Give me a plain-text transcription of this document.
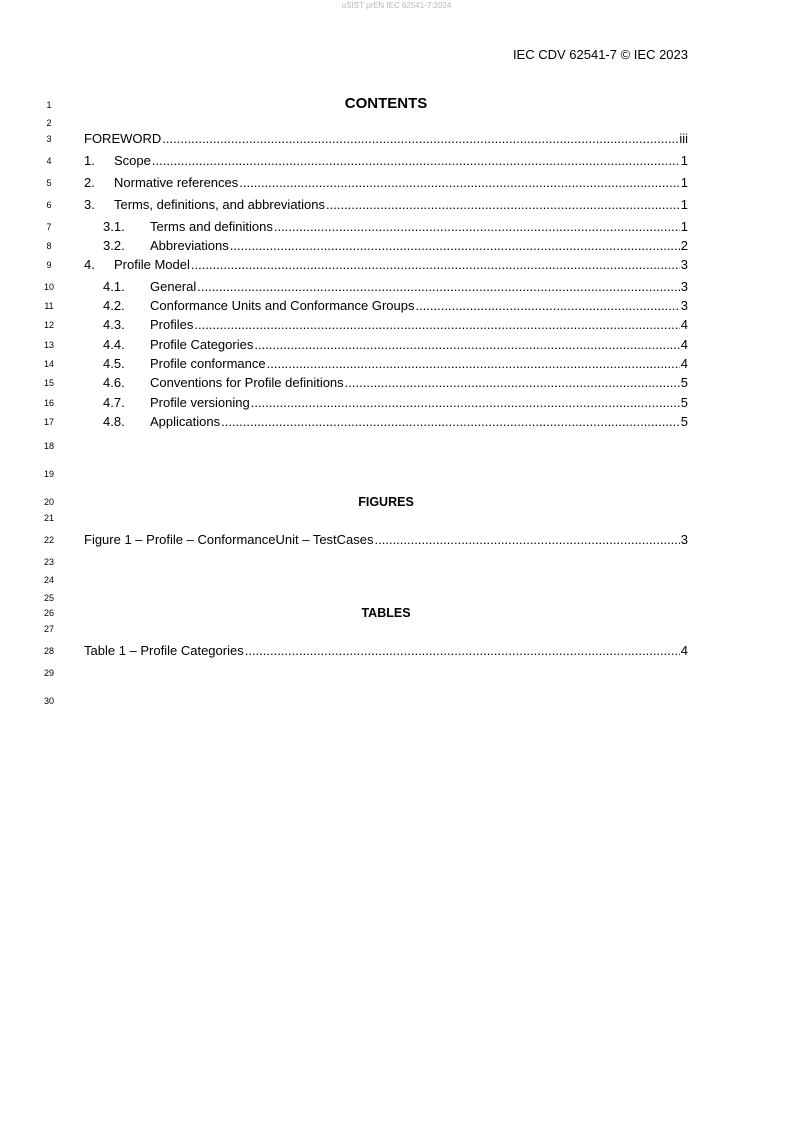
oSIST prEN IEC 62541-7:2024
IEC CDV 62541-7 © IEC 2023
1
2
3
4
5
6
7
8
9
10
11
12
13
14
15
16
17
18
19
20
21
22
23
24
25
26
27
28
29
30
CONTENTS
FOREWORD .....	iii
1.	Scope .....	1
2.	Normative references .....	1
3.	Terms, definitions, and abbreviations .....	1
3.1.	Terms and definitions .....	1
3.2.	Abbreviations .....	2
4.	Profile Model .....	3
4.1.	General .....	3
4.2.	Conformance Units and Conformance Groups .....	3
4.3.	Profiles .....	4
4.4.	Profile Categories .....	4
4.5.	Profile conformance .....	4
4.6.	Conventions for Profile definitions .....	5
4.7.	Profile versioning .....	5
4.8.	Applications .....	5
FIGURES
Figure 1 – Profile – ConformanceUnit – TestCases .....	3
TABLES
Table 1 – Profile Categories .....	4
